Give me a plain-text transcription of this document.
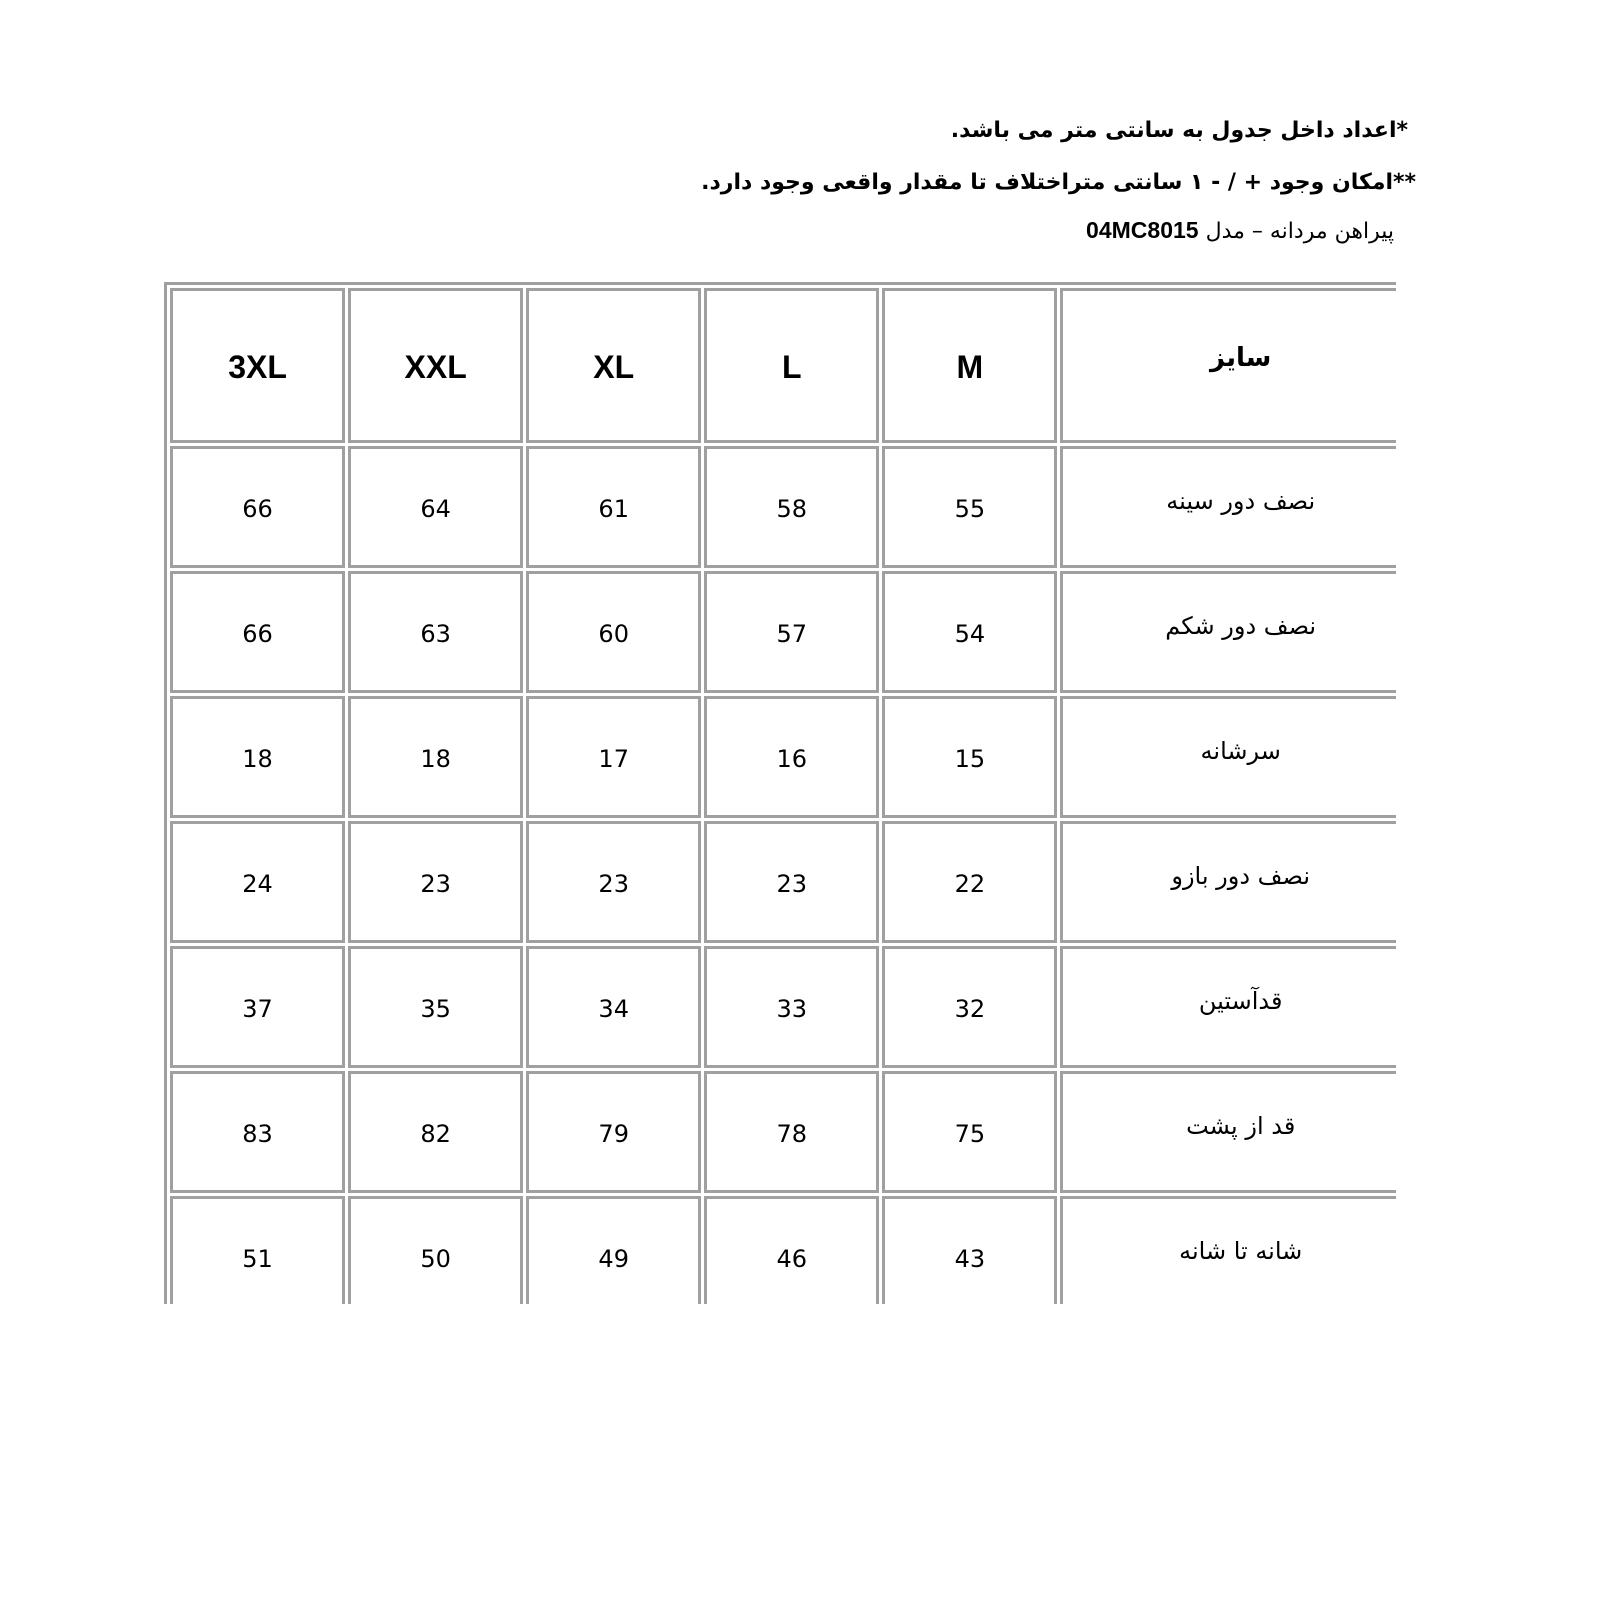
*اعداد داخل جدول به سانتی متر می باشد.
**امکان وجود + / - ۱ سانتی متراختلاف تا مقدار واقعی وجود دارد.
پیراهن مردانه – مدل 04MC8015
3XL	XXL	XL	L	M	سایز
66	64	61	58	55	نصف دور سینه
66	63	60	57	54	نصف دور شکم
18	18	17	16	15	سرشانه
24	23	23	23	22	نصف دور بازو
37	35	34	33	32	قدآستین
83	82	79	78	75	قد از پشت
51	50	49	46	43	شانه تا شانه
